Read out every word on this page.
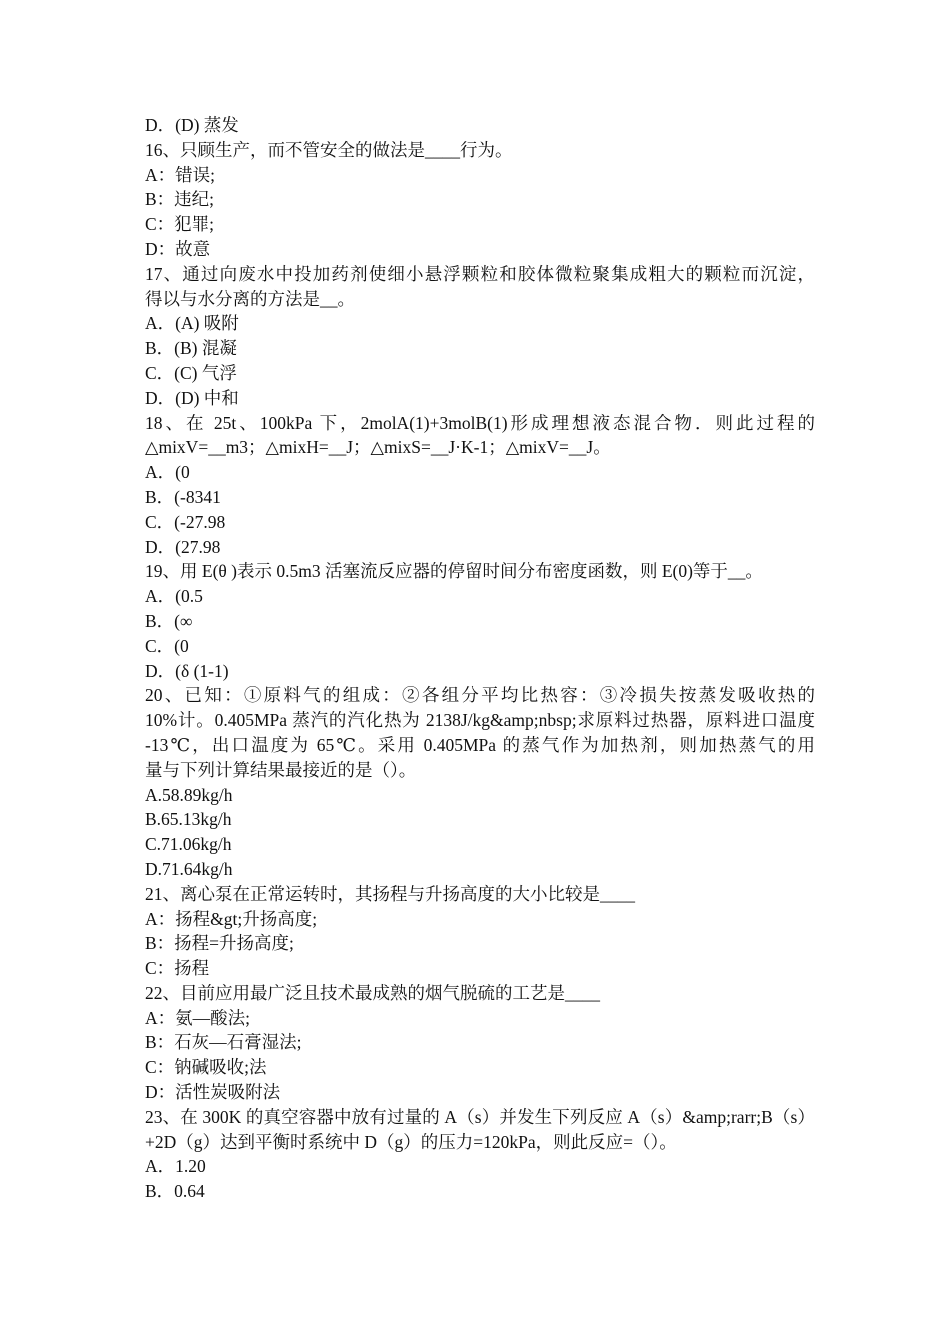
D．(D) 蒸发
16、只顾生产，而不管安全的做法是____行为。
A：错误;
B：违纪;
C：犯罪;
D：故意
17、通过向废水中投加药剂使细小悬浮颗粒和胶体微粒聚集成粗大的颗粒而沉淀，
得以与水分离的方法是__。
A．(A) 吸附
B．(B) 混凝
C．(C) 气浮
D．(D) 中和
18、在 25t、100kPa 下，2molA(1)+3molB(1)形成理想液态混合物．则此过程的
△mixV=__m3；△mixH=__J；△mixS=__J·K-1；△mixV=__J。
A．(0
B．(-8341
C．(-27.98
D．(27.98
19、用 E(θ )表示 0.5m3 活塞流反应器的停留时间分布密度函数，则 E(0)等于__。
A．(0.5
B．(∞
C．(0
D．(δ (1-1)
20、已知：①原料气的组成：②各组分平均比热容：③冷损失按蒸发吸收热的
10%计。0.405MPa 蒸汽的汽化热为 2138J/kg&amp;nbsp;求原料过热器，原料进口温度
-13℃，出口温度为 65℃。采用 0.405MPa 的蒸气作为加热剂，则加热蒸气的用
量与下列计算结果最接近的是（）。
A.58.89kg/h
B.65.13kg/h
C.71.06kg/h
D.71.64kg/h
21、离心泵在正常运转时，其扬程与升扬高度的大小比较是____
A：扬程&gt;升扬高度;
B：扬程=升扬高度;
C：扬程
22、目前应用最广泛且技术最成熟的烟气脱硫的工艺是____
A：氨—酸法;
B：石灰—石膏湿法;
C：钠碱吸收;法
D：活性炭吸附法
23、在 300K 的真空容器中放有过量的 A（s）并发生下列反应 A（s）&amp;rarr;B（s）
+2D（g）达到平衡时系统中 D（g）的压力=120kPa，则此反应=（）。
A．1.20
B．0.64
